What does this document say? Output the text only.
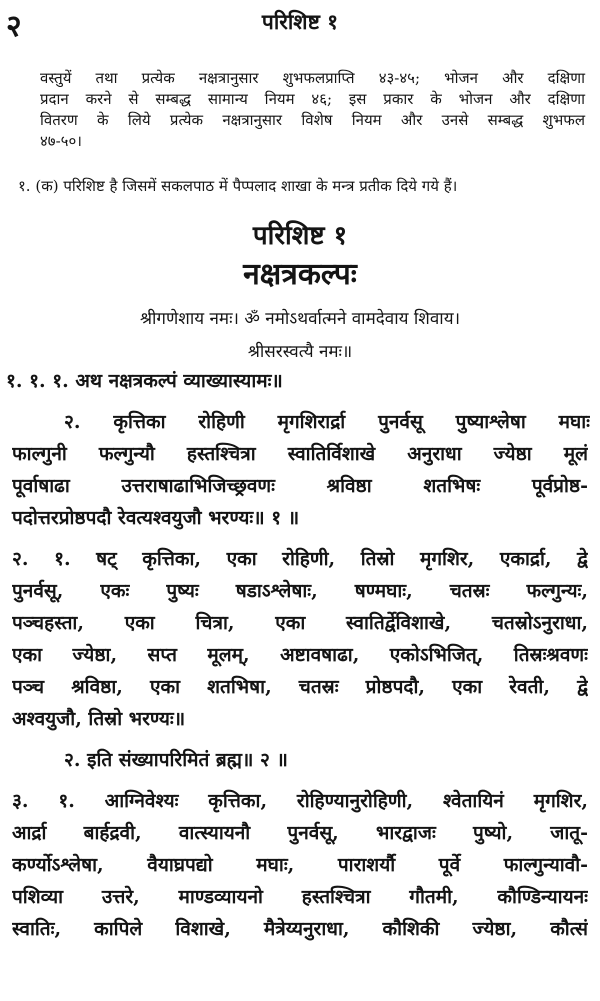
२	परिशिष्ट १
वस्तुयें तथा प्रत्येक नक्षत्रानुसार शुभफलप्राप्ति ४३-४५; भोजन और दक्षिणा
प्रदान करने से सम्बद्ध सामान्य नियम ४६; इस प्रकार के भोजन और दक्षिणा
वितरण के लिये प्रत्येक नक्षत्रानुसार विशेष नियम और उनसे सम्बद्ध शुभफल
४७-५०।
१. (क) परिशिष्ट है जिसमें सकलपाठ में पैप्पलाद शाखा के मन्त्र प्रतीक दिये गये हैं।
परिशिष्ट १
नक्षत्रकल्पः
श्रीगणेशाय नमः। ॐ नमोऽथर्वात्मने वामदेवाय शिवाय।
श्रीसरस्वत्यै नमः॥
१. १. १. अथ नक्षत्रकल्पं व्याख्यास्यामः॥
२. कृत्तिका रोहिणी मृगशिरार्द्रा पुनर्वसू पुष्याश्लेषा मघाः
फाल्गुनी फल्गुन्यौ हस्तश्चित्रा स्वातिर्विशाखे अनुराधा ज्येष्ठा मूलं
पूर्वाषाढा उत्तराषाढाभिजिच्छ्रवणः श्रविष्ठा शतभिषः पूर्वप्रोष्ठ-
पदोत्तरप्रोष्ठपदौ रेवत्यश्वयुजौ भरण्यः॥ १ ॥
२. १. षट् कृत्तिका, एका रोहिणी, तिस्रो मृगशिर, एकार्द्रा, द्वे
पुनर्वसू, एकः पुष्यः षडाऽश्लेषाः, षण्मघाः, चतस्रः फल्गुन्यः,
पञ्चहस्ता, एका चित्रा, एका स्वातिर्द्वेविशाखे, चतस्रोऽनुराधा,
एका ज्येष्ठा, सप्त मूलम्, अष्टावषाढा, एकोऽभिजित्, तिस्रःश्रवणः
पञ्च श्रविष्ठा, एका शतभिषा, चतस्रः प्रोष्ठपदौ, एका रेवती, द्वे
अश्वयुजौ, तिस्रो भरण्यः॥
२. इति संख्यापरिमितं ब्रह्म॥ २ ॥
३. १. आग्निवेश्यः कृत्तिका, रोहिण्यानुरोहिणी, श्वेतायिनं मृगशिर,
आर्द्रा बार्हद्रवी, वात्स्यायनौ पुनर्वसू, भारद्वाजः पुष्यो, जातू-
कर्ण्योऽश्लेषा, वैयाघ्रपद्यो मघाः, पाराशर्यौ पूर्वे फाल्गुन्यावौ-
पशिव्या उत्तरे, माण्डव्यायनो हस्तश्चित्रा गौतमी, कौण्डिन्यायनः
स्वातिः, कापिले विशाखे, मैत्रेय्यनुराधा, कौशिकी ज्येष्ठा, कौत्सं
